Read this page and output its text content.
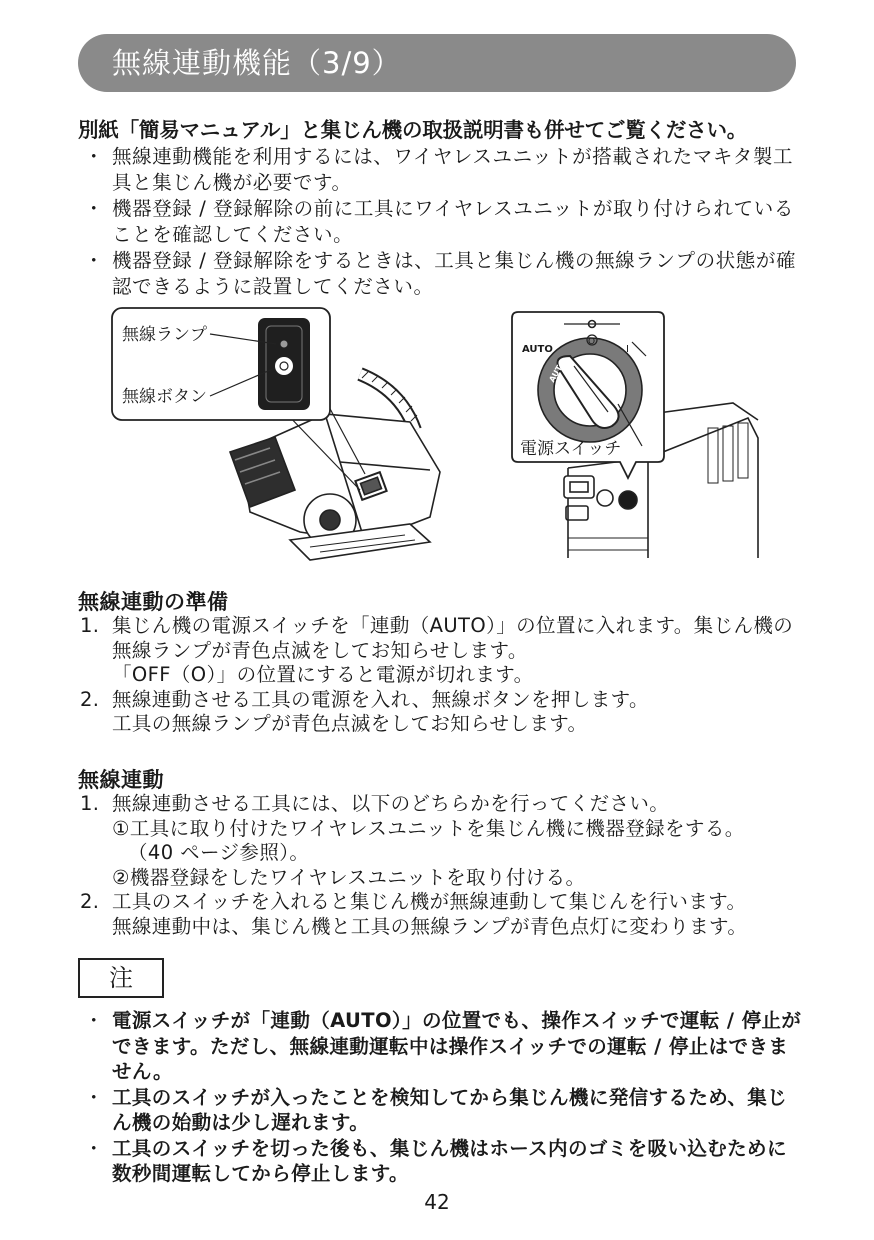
無線連動機能（3/9）
別紙「簡易マニュアル」と集じん機の取扱説明書も併せてご覧ください。
・ 無線連動機能を利用するには、ワイヤレスユニットが搭載されたマキタ製工具と集じん機が必要です。
・ 機器登録 / 登録解除の前に工具にワイヤレスユニットが取り付けられていることを確認してください。
・ 機器登録 / 登録解除をするときは、工具と集じん機の無線ランプの状態が確認できるように設置してください。
無線ランプ
無線ボタン
AUTO
AUTO
O
I
電源スイッチ
無線連動の準備
1. 集じん機の電源スイッチを「連動（AUTO）」の位置に入れます。集じん機の無線ランプが青色点滅をしてお知らせします。
「OFF（O）」の位置にすると電源が切れます。
2. 無線連動させる工具の電源を入れ、無線ボタンを押します。
工具の無線ランプが青色点滅をしてお知らせします。
無線連動
1. 無線連動させる工具には、以下のどちらかを行ってください。
①工具に取り付けたワイヤレスユニットを集じん機に機器登録をする。
（40 ページ参照）。
②機器登録をしたワイヤレスユニットを取り付ける。
2. 工具のスイッチを入れると集じん機が無線連動して集じんを行います。
無線連動中は、集じん機と工具の無線ランプが青色点灯に変わります。
注
・ 電源スイッチが「連動（AUTO）」の位置でも、操作スイッチで運転 / 停止ができます。ただし、無線連動運転中は操作スイッチでの運転 / 停止はできません。
・ 工具のスイッチが入ったことを検知してから集じん機に発信するため、集じん機の始動は少し遅れます。
・ 工具のスイッチを切った後も、集じん機はホース内のゴミを吸い込むために数秒間運転してから停止します。
42
